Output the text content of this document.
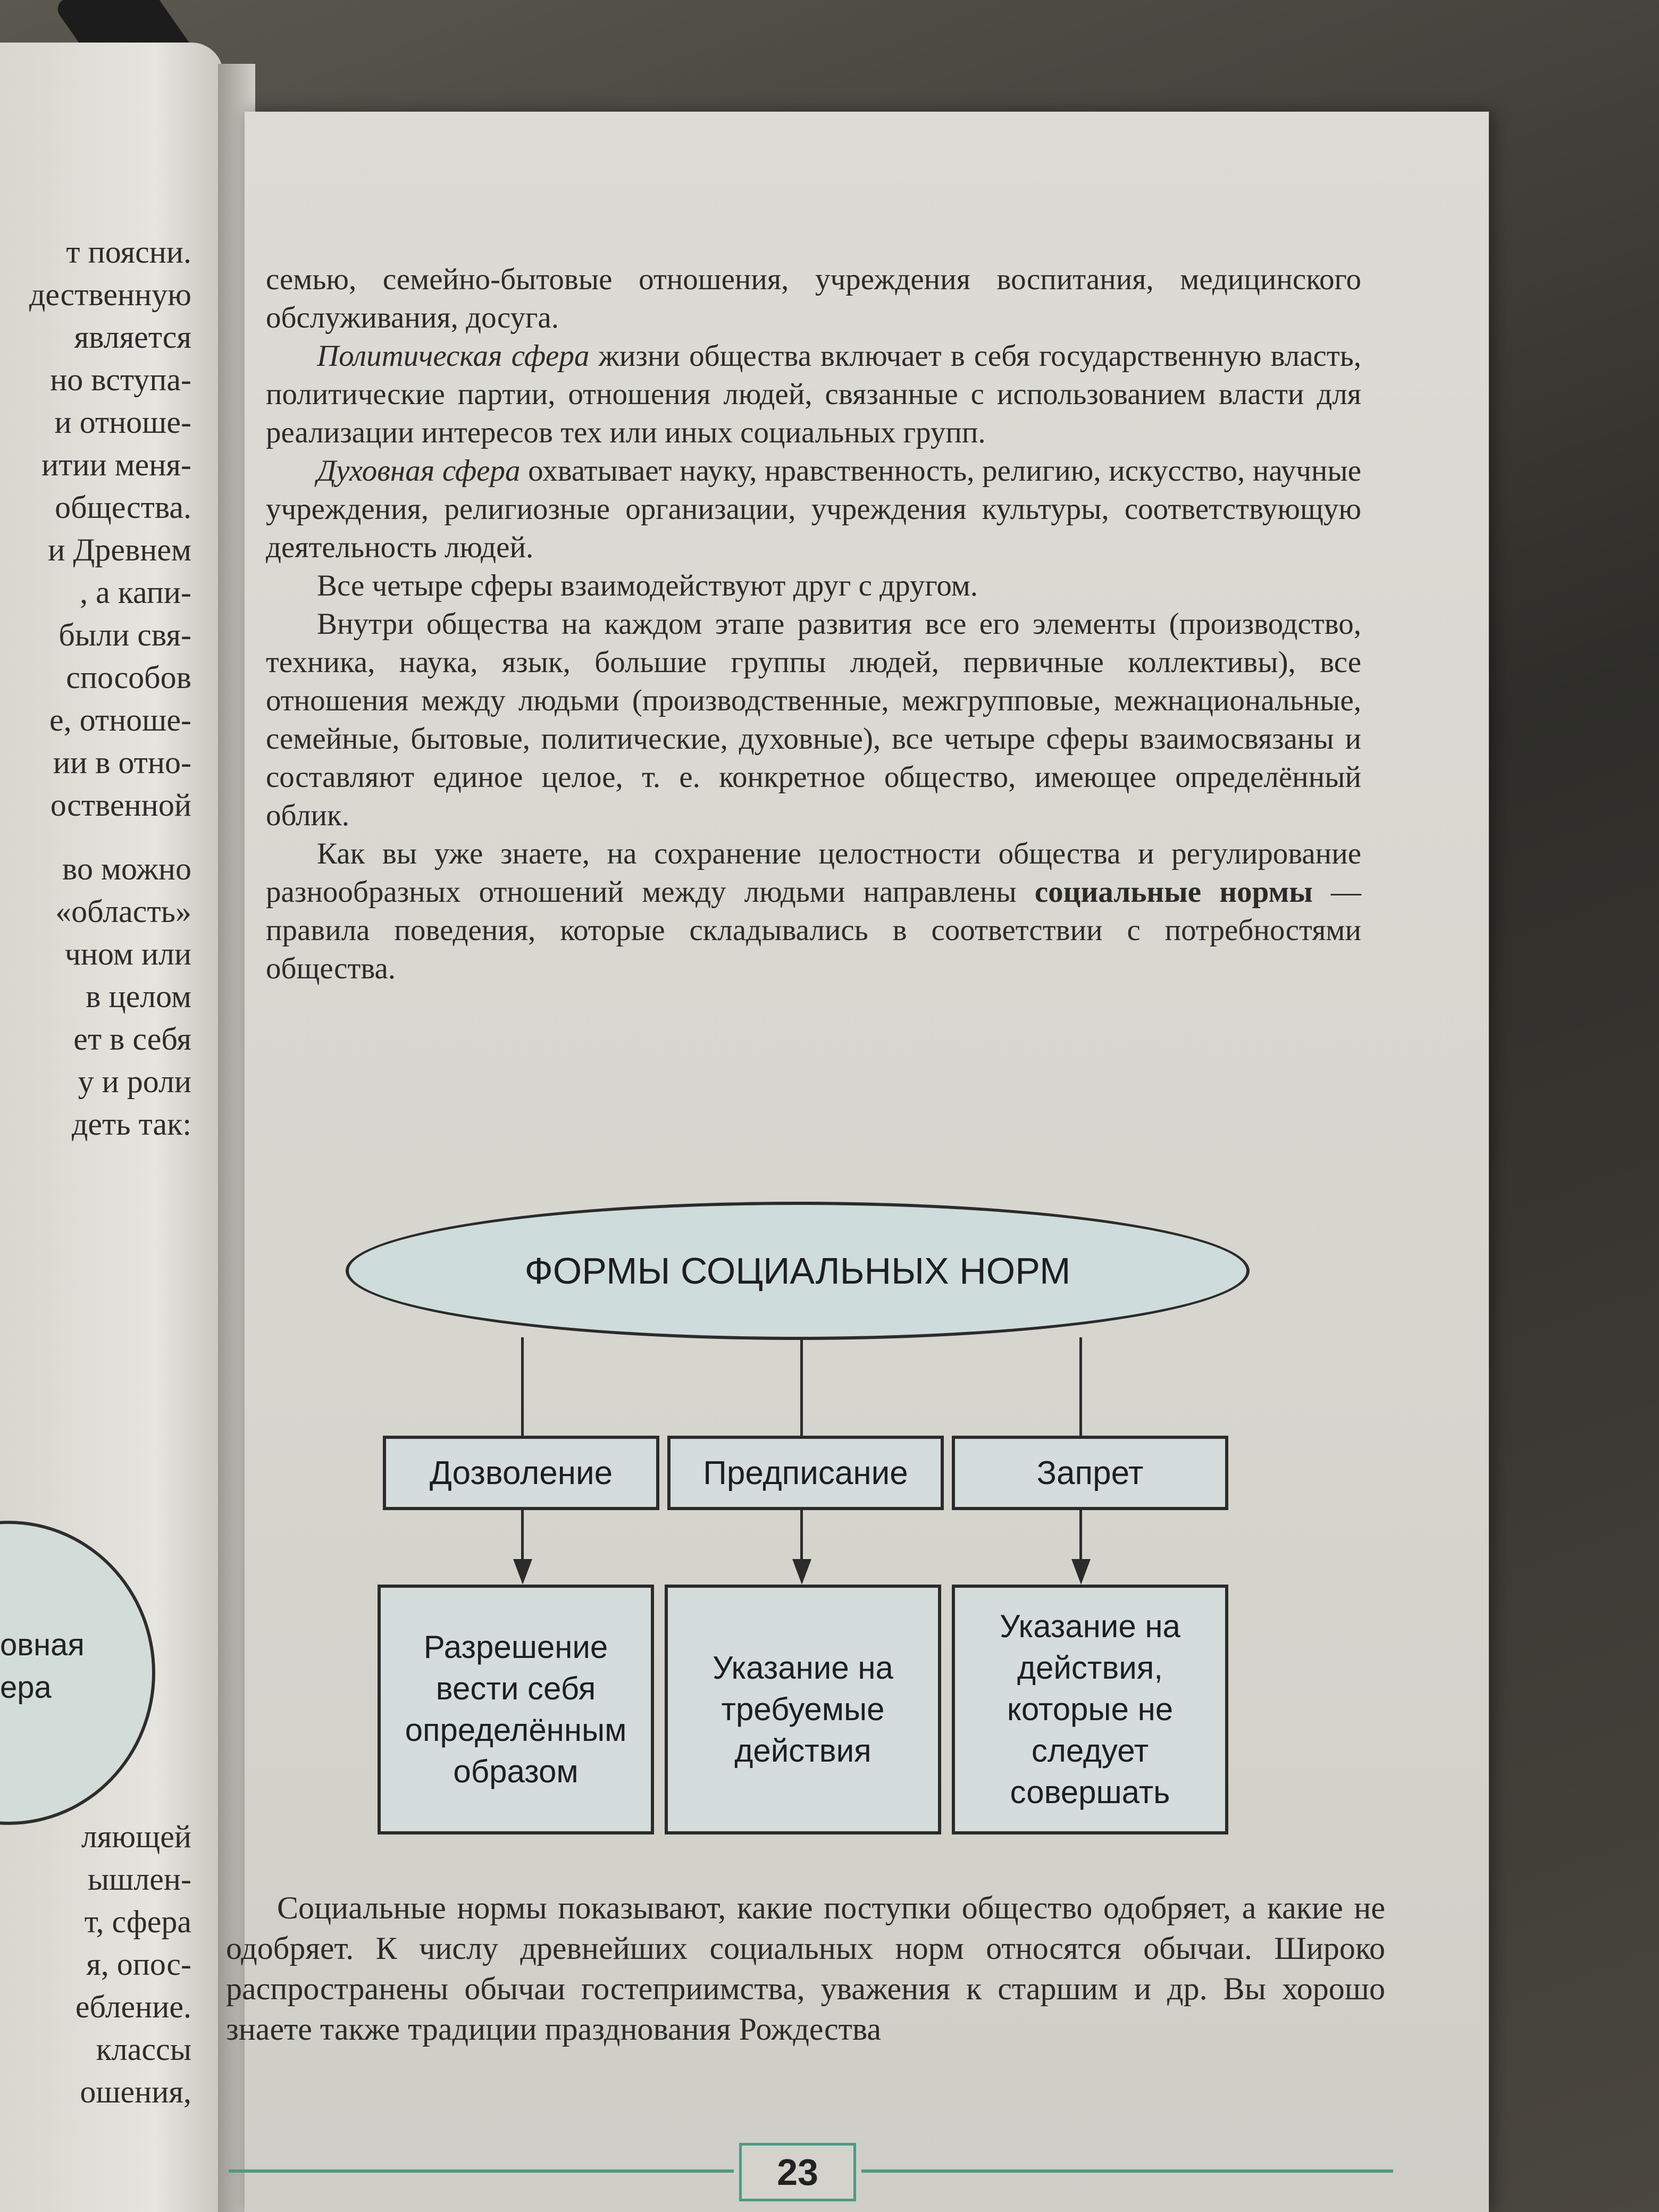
т поясни.
дественную
является
но вступа-
и отноше-
итии меня-
общества.
и Древнем
, а капи-
были свя-
способов
е, отноше-
ии в отно-
оственной
во можно
«область»
чном или
в целом
ет в себя
у и роли
деть так:
ляющей
ышлен-
т, сфера
я, опос-
ебление.
классы
ошения,
овная
ера
семью, семейно-бытовые отношения, учреждения воспитания, медицинского обслуживания, досуга.
Политическая сфера жизни общества включает в себя государственную власть, политические партии, отношения людей, связанные с использованием власти для реализации интересов тех или иных социальных групп.
Духовная сфера охватывает науку, нравственность, религию, искусство, научные учреждения, религиозные организации, учреждения культуры, соответствующую деятельность людей.
Все четыре сферы взаимодействуют друг с другом.
Внутри общества на каждом этапе развития все его элементы (производство, техника, наука, язык, большие группы людей, первичные коллективы), все отношения между людьми (производственные, межгрупповые, межнациональные, семейные, бытовые, политические, духовные), все четыре сферы взаимосвязаны и составляют единое целое, т. е. конкретное общество, имеющее определённый облик.
Как вы уже знаете, на сохранение целостности общества и регулирование разнообразных отношений между людьми направлены социальные нормы — правила поведения, которые складывались в соответствии с потребностями общества.
ФОРМЫ СОЦИАЛЬНЫХ НОРМ
Дозволение	Предписание	Запрет
Разрешение вести себя определённым образом
Указание на требуемые действия
Указание на действия, которые не следует совершать
Социальные нормы показывают, какие поступки общество одобряет, а какие не одобряет. К числу древнейших социальных норм относятся обычаи. Широко распространены обычаи гостеприимства, уважения к старшим и др. Вы хорошо знаете также традиции празднования Рождества
23
